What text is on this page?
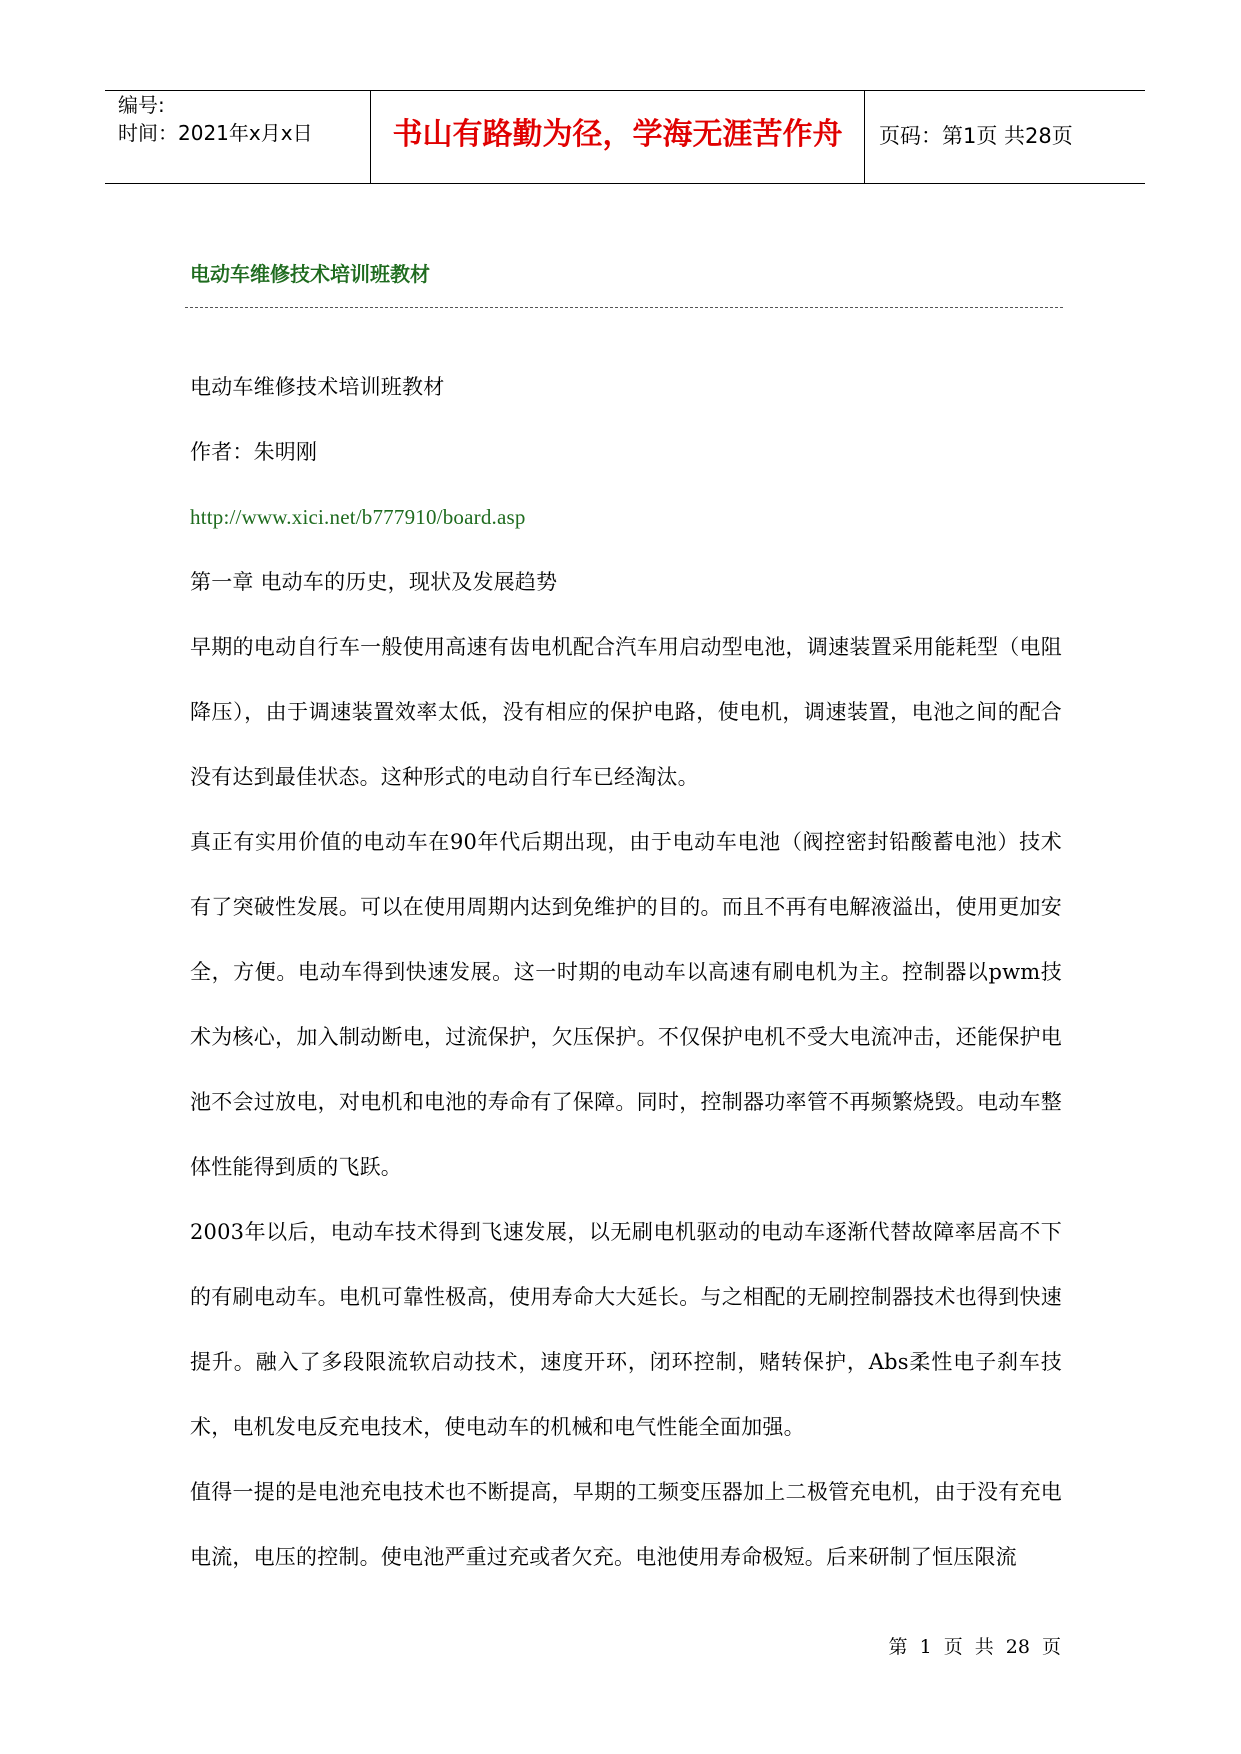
编号:
时间：2021年x月x日	书山有路勤为径，学海无涯苦作舟	页码：第1页 共28页
电动车维修技术培训班教材

电动车维修技术培训班教材

作者：朱明刚

http://www.xici.net/b777910/board.asp

第一章 电动车的历史，现状及发展趋势

早期的电动自行车一般使用高速有齿电机配合汽车用启动型电池，调速装置采用能耗型（电阻降压），由于调速装置效率太低，没有相应的保护电路，使电机，调速装置，电池之间的配合没有达到最佳状态。这种形式的电动自行车已经淘汰。

真正有实用价值的电动车在90年代后期出现，由于电动车电池（阀控密封铅酸蓄电池）技术有了突破性发展。可以在使用周期内达到免维护的目的。而且不再有电解液溢出，使用更加安全，方便。电动车得到快速发展。这一时期的电动车以高速有刷电机为主。控制器以pwm技术为核心，加入制动断电，过流保护，欠压保护。不仅保护电机不受大电流冲击，还能保护电池不会过放电，对电机和电池的寿命有了保障。同时，控制器功率管不再频繁烧毁。电动车整体性能得到质的飞跃。

2003年以后，电动车技术得到飞速发展，以无刷电机驱动的电动车逐渐代替故障率居高不下的有刷电动车。电机可靠性极高，使用寿命大大延长。与之相配的无刷控制器技术也得到快速提升。融入了多段限流软启动技术，速度开环，闭环控制，赌转保护，Abs柔性电子刹车技术，电机发电反充电技术，使电动车的机械和电气性能全面加强。

值得一提的是电池充电技术也不断提高，早期的工频变压器加上二极管充电机，由于没有充电电流，电压的控制。使电池严重过充或者欠充。电池使用寿命极短。后来研制了恒压限流

第 1 页 共 28 页
